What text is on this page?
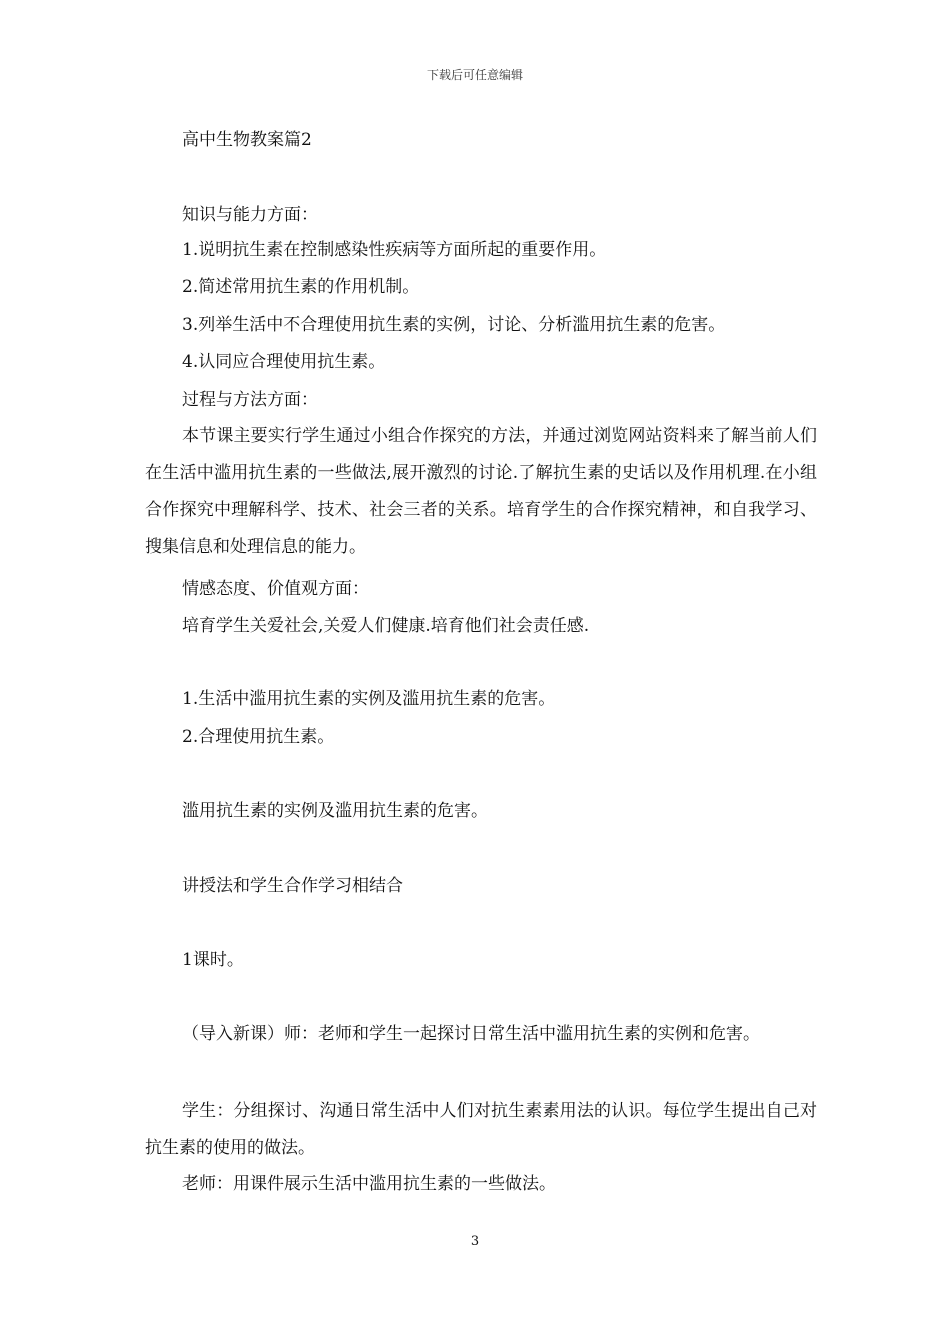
下载后可任意编辑
高中生物教案篇2
知识与能力方面：
1.说明抗生素在控制感染性疾病等方面所起的重要作用。
2.简述常用抗生素的作用机制。
3.列举生活中不合理使用抗生素的实例，讨论、分析滥用抗生素的危害。
4.认同应合理使用抗生素。
过程与方法方面：
本节课主要实行学生通过小组合作探究的方法，并通过浏览网站资料来了解当前人们在生活中滥用抗生素的一些做法,展开激烈的讨论.了解抗生素的史话以及作用机理.在小组合作探究中理解科学、技术、社会三者的关系。培育学生的合作探究精神，和自我学习、搜集信息和处理信息的能力。
情感态度、价值观方面：
培育学生关爱社会,关爱人们健康.培育他们社会责任感.
1.生活中滥用抗生素的实例及滥用抗生素的危害。
2.合理使用抗生素。
滥用抗生素的实例及滥用抗生素的危害。
讲授法和学生合作学习相结合
1课时。
（导入新课）师：老师和学生一起探讨日常生活中滥用抗生素的实例和危害。
学生：分组探讨、沟通日常生活中人们对抗生素素用法的认识。每位学生提出自己对抗生素的使用的做法。
老师：用课件展示生活中滥用抗生素的一些做法。
3
